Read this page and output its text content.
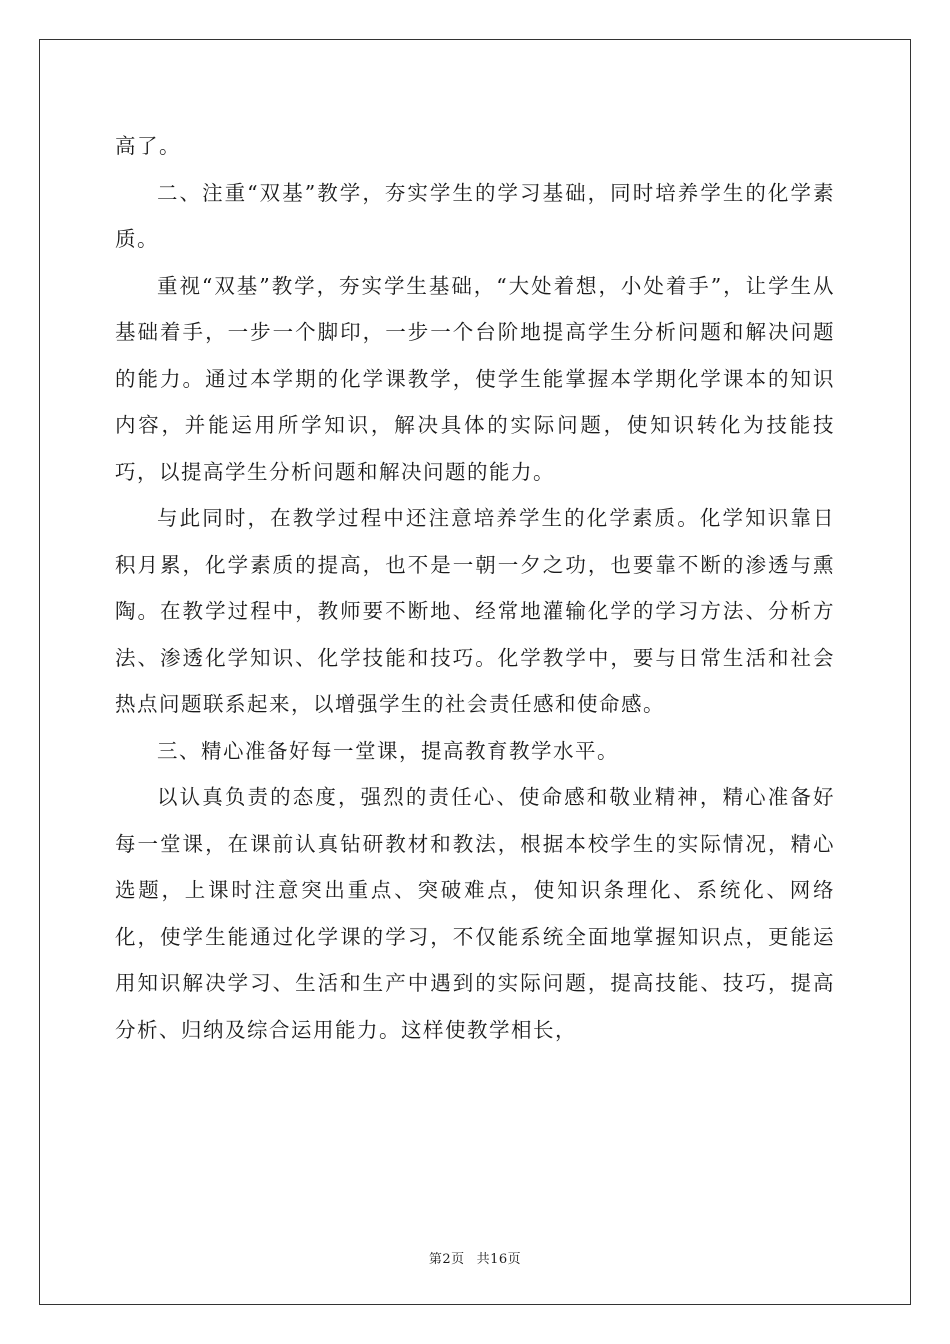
高了。

二、注重“双基”教学，夯实学生的学习基础，同时培养学生的化学素质。

重视“双基”教学，夯实学生基础，“大处着想，小处着手”，让学生从基础着手，一步一个脚印，一步一个台阶地提高学生分析问题和解决问题的能力。通过本学期的化学课教学，使学生能掌握本学期化学课本的知识内容，并能运用所学知识，解决具体的实际问题，使知识转化为技能技巧，以提高学生分析问题和解决问题的能力。

与此同时，在教学过程中还注意培养学生的化学素质。化学知识靠日积月累，化学素质的提高，也不是一朝一夕之功，也要靠不断的渗透与熏陶。在教学过程中，教师要不断地、经常地灌输化学的学习方法、分析方法、渗透化学知识、化学技能和技巧。化学教学中，要与日常生活和社会热点问题联系起来，以增强学生的社会责任感和使命感。

三、精心准备好每一堂课，提高教育教学水平。

以认真负责的态度，强烈的责任心、使命感和敬业精神，精心准备好每一堂课，在课前认真钻研教材和教法，根据本校学生的实际情况，精心选题，上课时注意突出重点、突破难点，使知识条理化、系统化、网络化，使学生能通过化学课的学习，不仅能系统全面地掌握知识点，更能运用知识解决学习、生活和生产中遇到的实际问题，提高技能、技巧，提高分析、归纳及综合运用能力。这样使教学相长，

第2页 共16页
